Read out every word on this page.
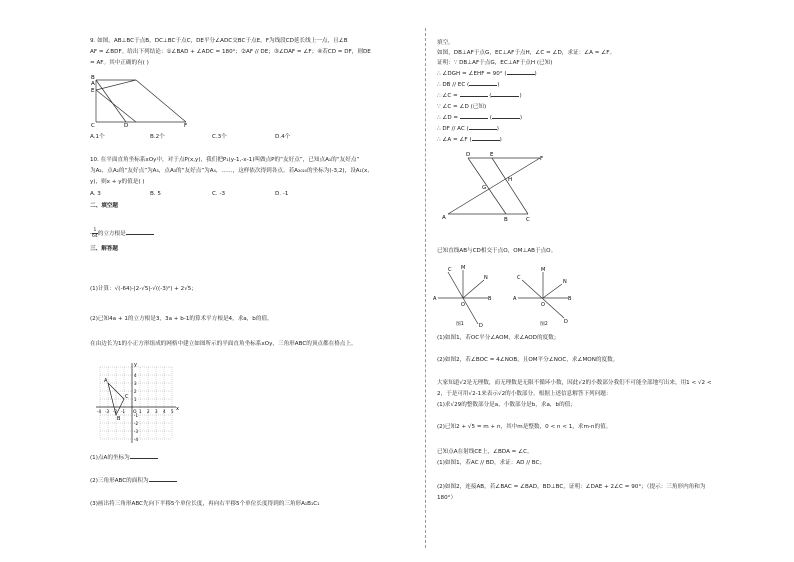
9. 如图，AB⊥BC于点B，DC⊥BC于点C，DE平分∠ADC交BC于点E，F为线段CD延长线上一点，且∠B
AF = ∠BDF。给出下列结论：①∠BAD + ∠ADC = 180°；②AF // DE；③∠DAF = ∠F；④若CD = DF，则DE
= AF。其中正确的有( )
B
A
E
C	D	F
A.1个	B.2个	C.3个	D.4个
10. 在平面直角坐标系xOy中，对于点P(x,y)，我们把P₁(y-1,-x-1)叫做点P的“友好点”，已知点A₁的“友好点”
为A₂，点A₂的“友好点”为A₃，点A₃的“友好点”为A₄，……，这样依次得到各点。若A₂₀₂₀的坐标为(-3,2)，设A₁(x,
y)，则x + y的值是( )
A. 3	B. 5	C. -3	D. -1
二、填空题
- $\frac{1}{64}$ 的立方根是
三、解答题
(1)计算：√(-64)-|2-√5|-√((-3)²) + 2√5；
(2)已知4a + 1的立方根是3，3a + b-1的算术平方根是4，求a，b的值。
在由边长为1的小正方形组成的网格中建立如图所示的平面直角坐标系xOy，三角形ABC的顶点都在格点上。
y
x
A
B
C
O
-4 -3 -2 -1	1 2 3 4 5
4
3
2
1
-1
-2
-3
-4
(1)点A的坐标为
(2)三角形ABC的面积为
(3)画出将三角形ABC先向下平移5个单位长度，再向右平移5个单位长度得到的三角形A₁B₁C₁
填空。
如图，DB⊥AF于点G，EC⊥AF于点H，∠C = ∠D，求证：∠A = ∠F。
证明：∵ DB⊥AF于点G，EC⊥AF于点H (已知)
∴ ∠DGH = ∠EHF = 90° (	)
∴ DB // EC (	)
∴ ∠C =	(	)
∵ ∠C = ∠D (已知)
∴ ∠D =	(	)
∴ DF // AC (	)
∴ ∠A = ∠F (	)
D	E
F
G
H
A	B	C
已知直线AB与CD相交于点O，OM⊥AB于点O。
C M
N
A
O
B
D
图1
C
M
N
A
O
B
D
图2
(1)如图1，若OC平分∠AOM，求∠AOD的度数；
(2)如图2，若∠BOC = 4∠NOB，且OM平分∠NOC，求∠MON的度数。
大家知道√2是无理数，而无理数是无限不循环小数，因此√2的小数部分我们不可能全部地写出来，用1 < √2 <
2，于是可用√2-1来表示√2的小数部分。根据上述信息解答下列问题：
(1)求√29的整数部分是a，小数部分是b，求a，b的值；
(2)已知2 + √5 = m + n，其中m是整数，0 < n < 1，求m-n的值。
已知点A在射线CE上，∠BDA = ∠C。
(1)如图1，若AC // BD，求证：AD // BC；
(2)如图2，连接AB，若∠BAC = ∠BAD，BD⊥BC，证明：∠DAE + 2∠C = 90°；（提示：三角形内角和为
180°）
